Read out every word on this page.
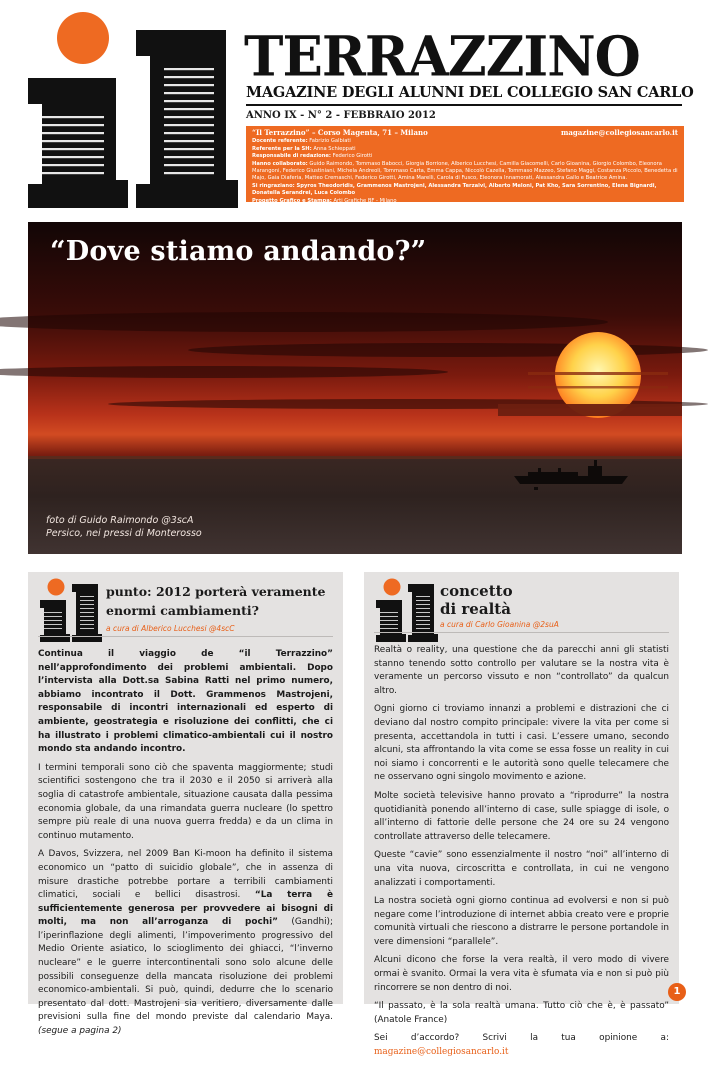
TERRAZZINO
MAGAZINE DEGLI ALUNNI DEL COLLEGIO SAN CARLO
ANNO IX - N° 2 - FEBBRAIO 2012
“Il Terrazzino” – Corso Magenta, 71 – Milano	magazine@collegiosancarlo.it
Docente referente: Fabrizio Galbiati
Referente per la SH: Anna Schieppati
Responsabile di redazione: Federico Girotti
Hanno collaborato: Guido Raimondo, Tommaso Babocci, Giorgia Borrione, Alberico Lucchesi, Camilla Giacomelli, Carlo Gioanina, Giorgio Colombo, Eleonora Marangoni, Federico Giustiniani, Michela Andreoli, Tommaso Carta, Emma Cappa, Niccolò Cazella, Tommaso Mazzeo, Stefano Maggi, Costanza Piccolo, Benedetta di Majo, Gaia Diaferia, Matteo Cremaschi, Federico Girotti, Amina Marelli, Carola di Fusco, Eleonora Innamorati, Alessandra Gallo e Beatrice Amina.
Si ringraziano: Spyros Theodoridis, Grammenos Mastrojeni, Alessandra Terzalvi, Alberto Meloni, Pat Kho, Sara Sorrentino, Elena Bignardi, Donatella Serandrei, Luca Colombo
Progetto Grafico e Stampa: Arti Grafiche BF - Milano
“Dove stiamo andando?”
foto di Guido Raimondo @3scA
Persico, nei pressi di Monterosso
punto: 2012 porterà veramente
enormi cambiamenti?
a cura di Alberico Lucchesi @4scC

Continua il viaggio de “il Terrazzino” nell’approfondimento dei problemi ambientali. Dopo l’intervista alla Dott.sa Sabina Ratti nel primo numero, abbiamo incontrato il Dott. Grammenos Mastrojeni, responsabile di incontri internazionali ed esperto di ambiente, geostrategia e risoluzione dei conflitti, che ci ha illustrato i problemi climatico-ambientali cui il nostro mondo sta andando incontro.

I termini temporali sono ciò che spaventa maggiormente; studi scientifici sostengono che tra il 2030 e il 2050 si arriverà alla soglia di catastrofe ambientale, situazione causata dalla pessima economia globale, da una rimandata guerra nucleare (lo spettro sempre più reale di una nuova guerra fredda) e da un clima in continuo mutamento.

A Davos, Svizzera, nel 2009 Ban Ki-moon ha definito il sistema economico un “patto di suicidio globale”, che in assenza di misure drastiche potrebbe portare a terribili cambiamenti climatici, sociali e bellici disastrosi. “La terra è sufficientemente generosa per provvedere ai bisogni di molti, ma non all’arroganza di pochi” (Gandhi); l’iperinflazione degli alimenti, l’impoverimento progressivo del Medio Oriente asiatico, lo scioglimento dei ghiacci, “l’inverno nucleare” e le guerre intercontinentali sono solo alcune delle possibili conseguenze della mancata risoluzione dei problemi economico-ambientali. Si può, quindi, dedurre che lo scenario presentato dal dott. Mastrojeni sia veritiero, diversamente dalle previsioni sulla fine del mondo previste dal calendario Maya. (segue a pagina 2)

concetto
di realtà
a cura di Carlo Gioanina @2suA

Realtà o reality, una questione che da parecchi anni gli statisti stanno tenendo sotto controllo per valutare se la nostra vita è veramente un percorso vissuto e non “controllato” da qualcun altro.

Ogni giorno ci troviamo innanzi a problemi e distrazioni che ci deviano dal nostro compito principale: vivere la vita per come si presenta, accettandola in tutti i casi. L’essere umano, secondo alcuni, sta affrontando la vita come se essa fosse un reality in cui noi siamo i concorrenti e le autorità sono quelle telecamere che ne osservano ogni singolo movimento e azione.

Molte società televisive hanno provato a “riprodurre” la nostra quotidianità ponendo all’interno di case, sulle spiagge di isole, o all’interno di fattorie delle persone che 24 ore su 24 vengono controllate attraverso delle telecamere.

Queste “cavie” sono essenzialmente il nostro “noi” all’interno di una vita nuova, circoscritta e controllata, in cui ne vengono analizzati i comportamenti.

La nostra società ogni giorno continua ad evolversi e non si può negare come l’introduzione di internet abbia creato vere e proprie comunità virtuali che riescono a distrarre le persone portandole in vere dimensioni “parallele”.

Alcuni dicono che forse la vera realtà, il vero modo di vivere ormai è svanito. Ormai la vera vita è sfumata via e non si può più rincorrere se non dentro di noi.

“Il passato, è la sola realtà umana. Tutto ciò che è, è passato” (Anatole France)

Sei d’accordo? Scrivi la tua opinione a: magazine@collegiosancarlo.it

1
